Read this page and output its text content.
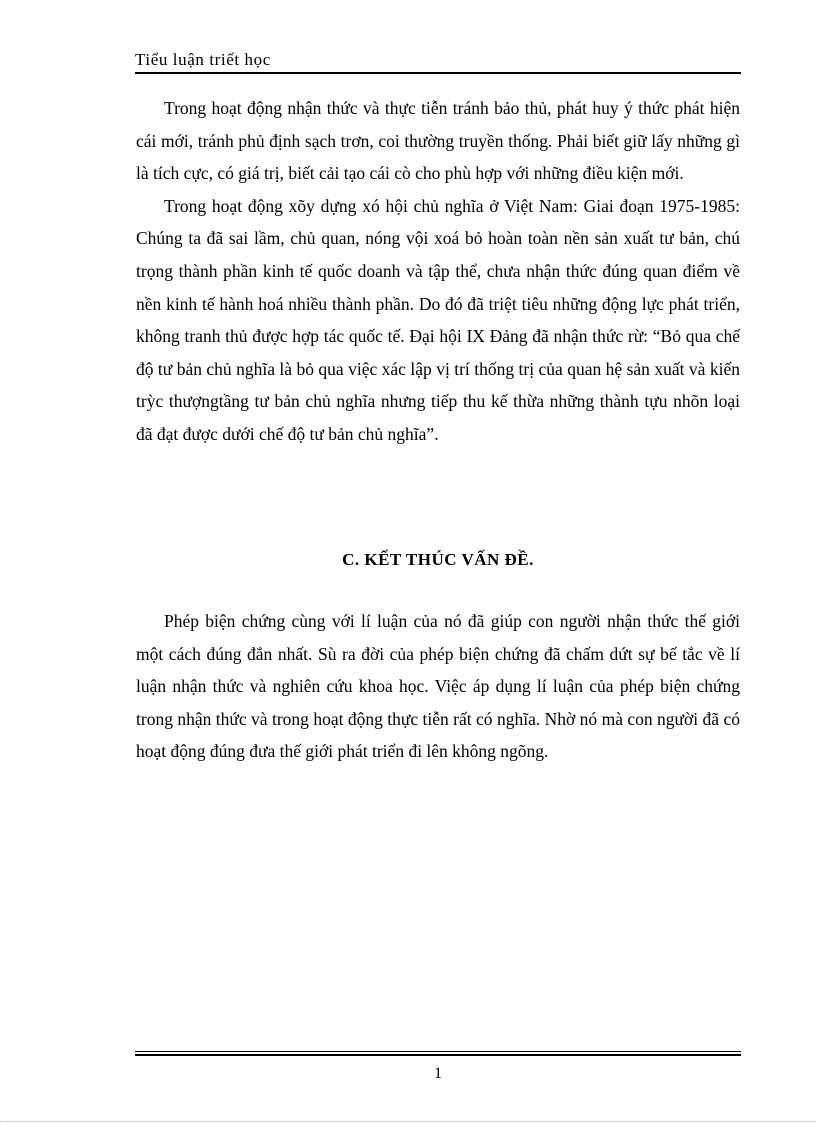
Tiểu luận triết học

Trong hoạt động nhận thức và thực tiễn tránh bảo thủ, phát huy ý thức phát hiện cái mới, tránh phủ định sạch trơn, coi thường truyền thống. Phải biết giữ lấy những gì là tích cực, có giá trị, biết cải tạo cái cò cho phù hợp với những điều kiện mới.

Trong hoạt động xõy dựng xó hội chủ nghĩa ở Việt Nam: Giai đoạn 1975-1985: Chúng ta đã sai lầm, chủ quan, nóng vội xoá bỏ hoàn toàn nền sản xuất tư bản, chú trọng thành phần kinh tế quốc doanh và tập thể, chưa nhận thức đúng quan điểm về nền kinh tế hành hoá nhiều thành phần. Do đó đã triệt tiêu những động lực phát triển, không tranh thủ được hợp tác quốc tế. Đại hội IX Đảng đã nhận thức rừ: “Bỏ qua chế độ tư bản chủ nghĩa là bỏ qua việc xác lập vị trí thống trị của quan hệ sản xuất và kiến trỳc thượngtầng tư bản chủ nghĩa nhưng tiếp thu kế thừa những thành tựu nhõn loại đã đạt được dưới chế độ tư bản chủ nghĩa”.

C. KẾT THÚC VẤN ĐỀ.

Phép biện chứng cùng với lí luận của nó đã giúp con người nhận thức thế giới một cách đúng đắn nhất. Sù ra đời của phép biện chứng đã chấm dứt sự bế tắc về lí luận nhận thức và nghiên cứu khoa học. Việc áp dụng lí luận của phép biện chứng trong nhận thức và trong hoạt động thực tiễn rất có nghĩa. Nhờ nó mà con người đã có hoạt động đúng đưa thế giới phát triển đi lên không ngõng.

1
